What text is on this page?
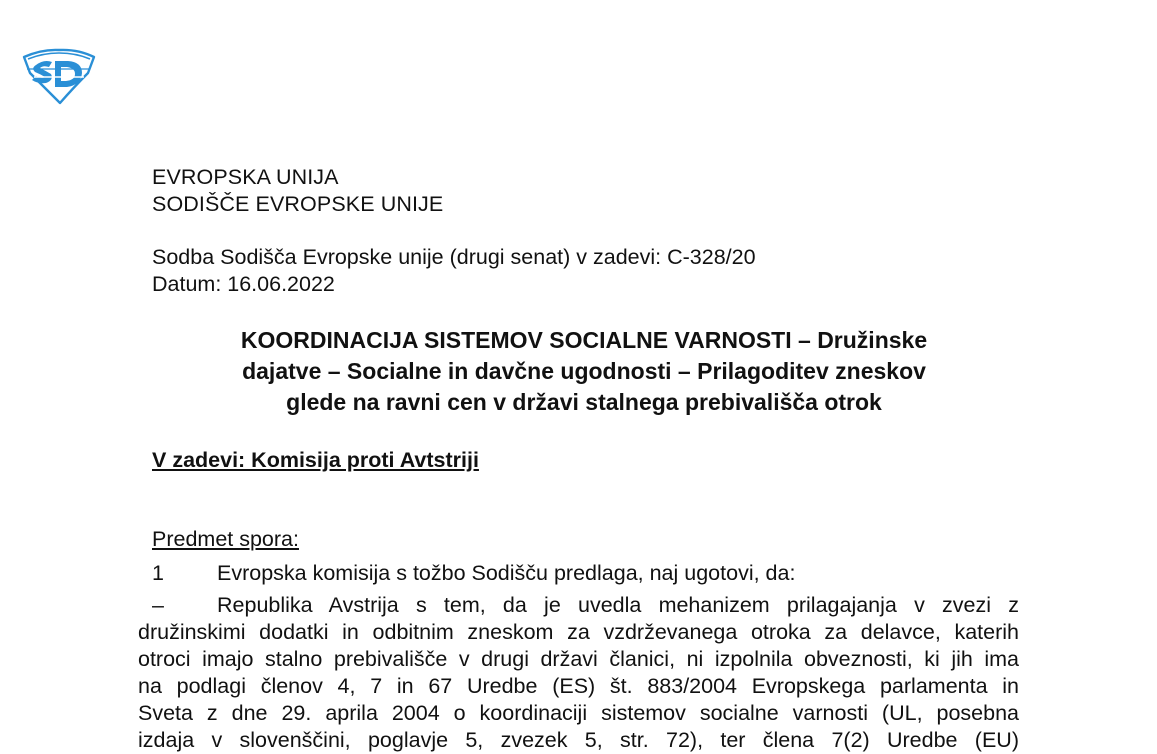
EVROPSKA UNIJA
SODIŠČE EVROPSKE UNIJE
Sodba Sodišča Evropske unije (drugi senat) v zadevi: C-328/20
Datum: 16.06.2022
KOORDINACIJA SISTEMOV SOCIALNE VARNOSTI – Družinske
dajatve – Socialne in davčne ugodnosti – Prilagoditev zneskov
glede na ravni cen v državi stalnega prebivališča otrok
V zadevi: Komisija proti Avtstriji
Predmet spora:
1 Evropska komisija s tožbo Sodišču predlaga, naj ugotovi, da:
– Republika Avstrija s tem, da je uvedla mehanizem prilagajanja v zvezi z
družinskimi dodatki in odbitnim zneskom za vzdrževanega otroka za delavce, katerih
otroci imajo stalno prebivališče v drugi državi članici, ni izpolnila obveznosti, ki jih ima
na podlagi členov 4, 7 in 67 Uredbe (ES) št. 883/2004 Evropskega parlamenta in
Sveta z dne 29. aprila 2004 o koordinaciji sistemov socialne varnosti (UL, posebna
izdaja v slovenščini, poglavje 5, zvezek 5, str. 72), ter člena 7(2) Uredbe (EU)
